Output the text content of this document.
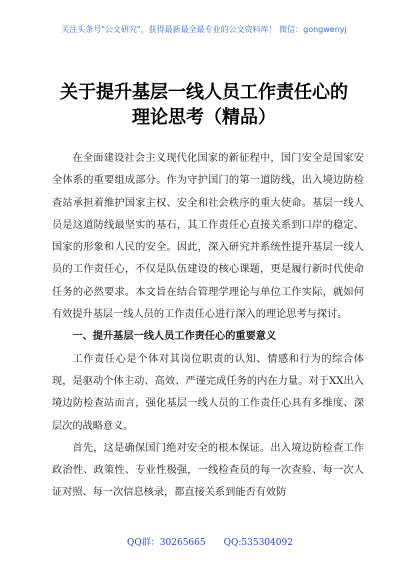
关注头条号"公文研究"，获得最新最全最专业的公文资料库！ 微信：gongwenyj
关于提升基层一线人员工作责任心的
理论思考（精品）

在全面建设社会主义现代化国家的新征程中，国门安全是国家安全体系的重要组成部分。作为守护国门的第一道防线，出入境边防检查站承担着维护国家主权、安全和社会秩序的重大使命。基层一线人员是这道防线最坚实的基石，其工作责任心直接关系到口岸的稳定、国家的形象和人民的安全。因此，深入研究并系统性提升基层一线人员的工作责任心，不仅是队伍建设的核心课题，更是履行新时代使命任务的必然要求。本文旨在结合管理学理论与单位工作实际，就如何有效提升基层一线人员的工作责任心进行深入的理论思考与探讨。

一、提升基层一线人员工作责任心的重要意义

工作责任心是个体对其岗位职责的认知、情感和行为的综合体现，是驱动个体主动、高效、严谨完成任务的内在力量。对于XX出入境边防检查站而言，强化基层一线人员的工作责任心具有多维度、深层次的战略意义。

首先，这是确保国门绝对安全的根本保证。出入境边防检查工作政治性、政策性、专业性极强，一线检查员的每一次查验、每一次人证对照、每一次信息核录，都直接关系到能否有效防

QQ群：30265665　　QQ:535304092
